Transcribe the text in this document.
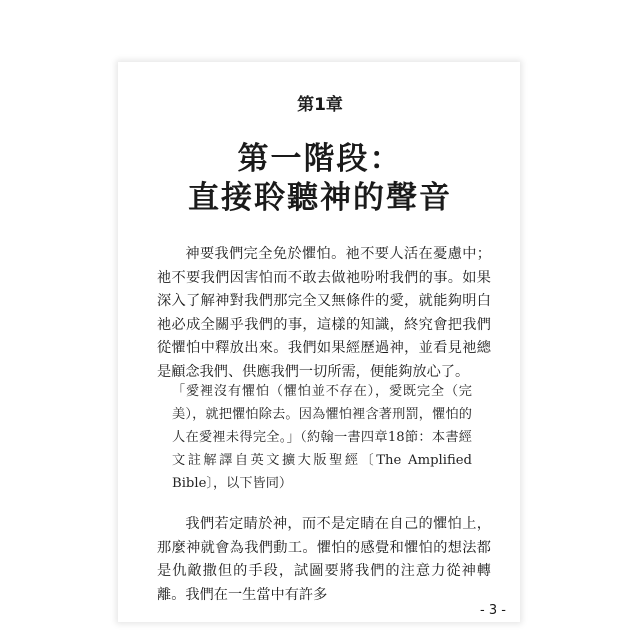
第1章
第一階段：
直接聆聽神的聲音
神要我們完全免於懼怕。祂不要人活在憂慮中；祂不要我們因害怕而不敢去做祂吩咐我們的事。如果深入了解神對我們那完全又無條件的愛，就能夠明白祂必成全關乎我們的事，這樣的知識，終究會把我們從懼怕中釋放出來。我們如果經歷過神，並看見祂總是顧念我們、供應我們一切所需，便能夠放心了。
「愛裡沒有懼怕（懼怕並不存在），愛既完全（完美），就把懼怕除去。因為懼怕裡含著刑罰，懼怕的人在愛裡未得完全。」（約翰一書四章18節：本書經文註解譯自英文擴大版聖經〔The Amplified Bible〕，以下皆同）
我們若定睛於神，而不是定睛在自己的懼怕上，那麼神就會為我們動工。懼怕的感覺和懼怕的想法都是仇敵撒但的手段，試圖要將我們的注意力從神轉離。我們在一生當中有許多
- 3 -
